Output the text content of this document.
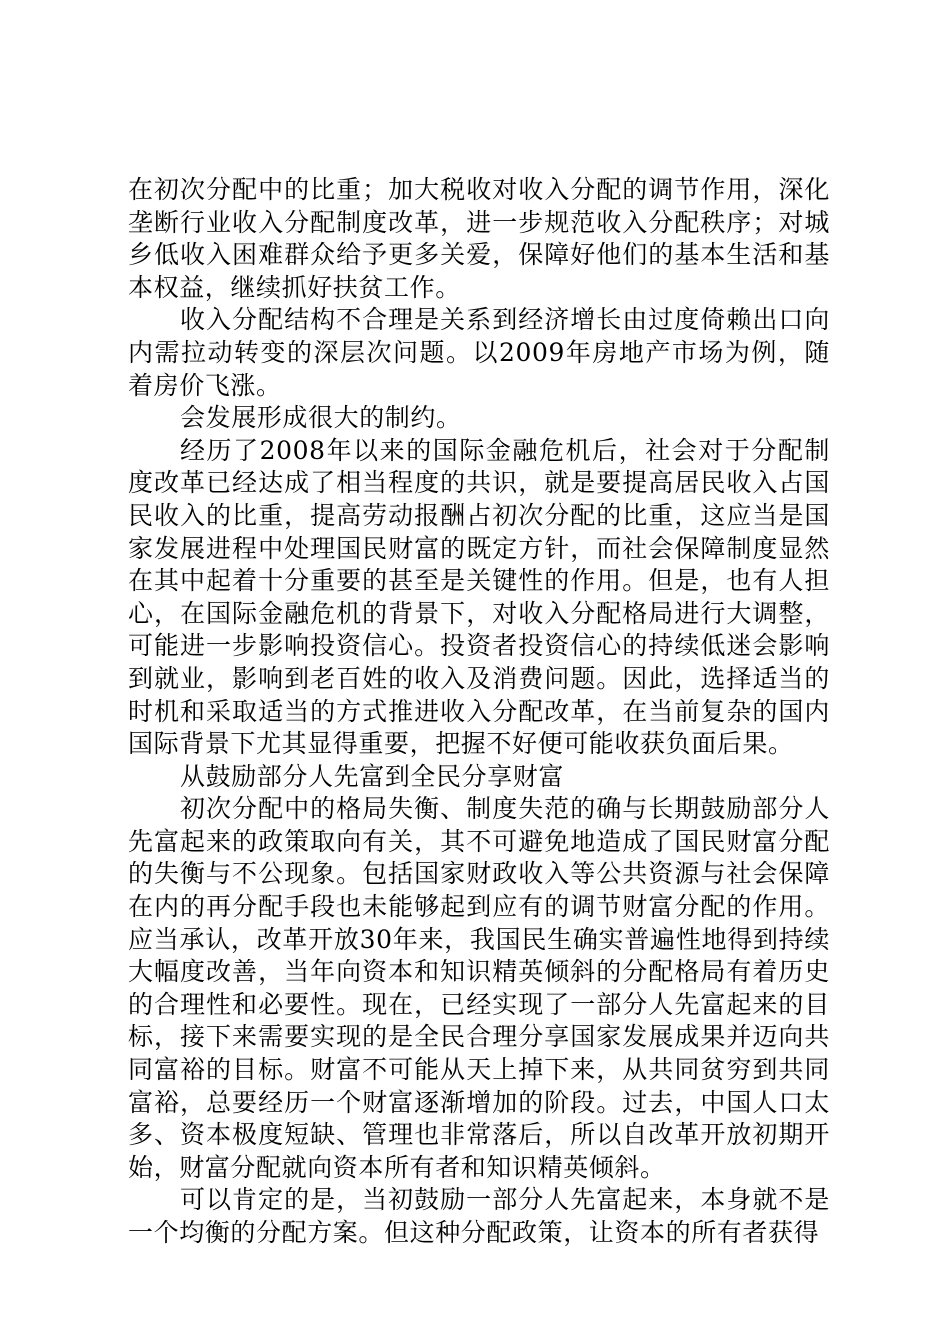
在初次分配中的比重；加大税收对收入分配的调节作用，深化垄断行业收入分配制度改革，进一步规范收入分配秩序；对城乡低收入困难群众给予更多关爱，保障好他们的基本生活和基本权益，继续抓好扶贫工作。

收入分配结构不合理是关系到经济增长由过度倚赖出口向内需拉动转变的深层次问题。以2009年房地产市场为例，随着房价飞涨。

会发展形成很大的制约。

经历了2008年以来的国际金融危机后，社会对于分配制度改革已经达成了相当程度的共识，就是要提高居民收入占国民收入的比重，提高劳动报酬占初次分配的比重，这应当是国家发展进程中处理国民财富的既定方针，而社会保障制度显然在其中起着十分重要的甚至是关键性的作用。但是，也有人担心，在国际金融危机的背景下，对收入分配格局进行大调整，可能进一步影响投资信心。投资者投资信心的持续低迷会影响到就业，影响到老百姓的收入及消费问题。因此，选择适当的时机和采取适当的方式推进收入分配改革，在当前复杂的国内国际背景下尤其显得重要，把握不好便可能收获负面后果。

从鼓励部分人先富到全民分享财富

初次分配中的格局失衡、制度失范的确与长期鼓励部分人先富起来的政策取向有关，其不可避免地造成了国民财富分配的失衡与不公现象。包括国家财政收入等公共资源与社会保障在内的再分配手段也未能够起到应有的调节财富分配的作用。应当承认，改革开放30年来，我国民生确实普遍性地得到持续大幅度改善，当年向资本和知识精英倾斜的分配格局有着历史的合理性和必要性。现在，已经实现了一部分人先富起来的目标，接下来需要实现的是全民合理分享国家发展成果并迈向共同富裕的目标。财富不可能从天上掉下来，从共同贫穷到共同富裕，总要经历一个财富逐渐增加的阶段。过去，中国人口太多、资本极度短缺、管理也非常落后，所以自改革开放初期开始，财富分配就向资本所有者和知识精英倾斜。

可以肯定的是，当初鼓励一部分人先富起来，本身就不是一个均衡的分配方案。但这种分配政策，让资本的所有者获得
